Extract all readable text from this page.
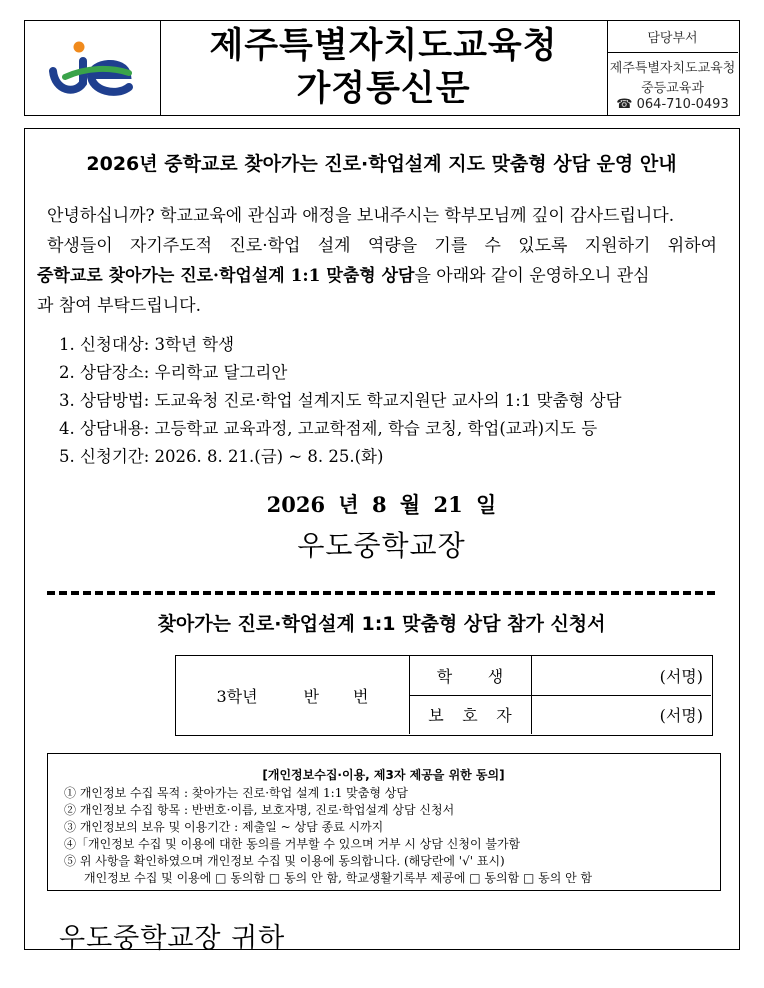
제주특별자치도교육청
가정통신문
담당부서
제주특별자치도교육청
중등교육과
☎ 064-710-0493
2026년 중학교로 찾아가는 진로·학업설계 지도 맞춤형 상담 운영 안내
안녕하십니까? 학교교육에 관심과 애정을 보내주시는 학부모님께 깊이 감사드립니다.
학생들이 자기주도적 진로·학업 설계 역량을 기를 수 있도록 지원하기 위하여
중학교로 찾아가는 진로·학업설계 1:1 맞춤형 상담을 아래와 같이 운영하오니 관심
과 참여 부탁드립니다.
1. 신청대상: 3학년 학생
2. 상담장소: 우리학교 달그리안
3. 상담방법: 도교육청 진로·학업 설계지도 학교지원단 교사의 1:1 맞춤형 상담
4. 상담내용: 고등학교 교육과정, 고교학점제, 학습 코칭, 학업(교과)지도 등
5. 신청기간: 2026. 8. 21.(금) ~ 8. 25.(화)
2026 년 8 월 21 일
우도중학교장
찾아가는 진로·학업설계 1:1 맞춤형 상담 참가 신청서
3학년	반 번
학 생	(서명)
보 호 자	(서명)
[개인정보수집·이용, 제3자 제공을 위한 동의]
① 개인정보 수집 목적 : 찾아가는 진로·학업 설계 1:1 맞춤형 상담
② 개인정보 수집 항목 : 반번호·이름, 보호자명, 진로·학업설계 상담 신청서
③ 개인정보의 보유 및 이용기간 : 제출일 ~ 상담 종료 시까지
④「개인정보 수집 및 이용에 대한 동의를 거부할 수 있으며 거부 시 상담 신청이 불가함
⑤ 위 사항을 확인하였으며 개인정보 수집 및 이용에 동의합니다. (해당란에 '√' 표시)
개인정보 수집 및 이용에 □ 동의함 □ 동의 안 함, 학교생활기록부 제공에 □ 동의함 □ 동의 안 함
우도중학교장 귀하
